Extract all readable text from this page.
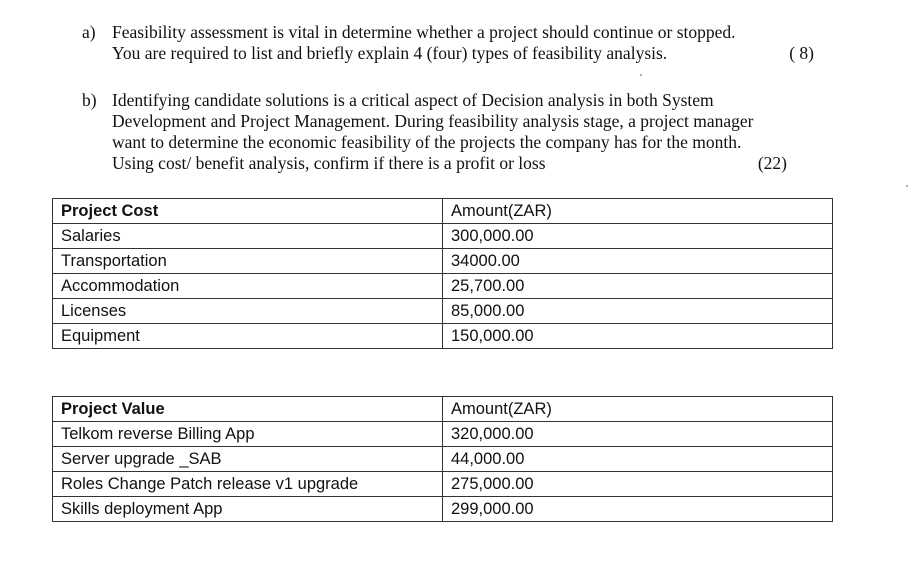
a) Feasibility assessment is vital in determine whether a project should continue or stopped.
You are required to list and briefly explain 4 (four) types of feasibility analysis.	( 8)
b) Identifying candidate solutions is a critical aspect of Decision analysis in both System
Development and Project Management. During feasibility analysis stage, a project manager
want to determine the economic feasibility of the projects the company has for the month.
Using cost/ benefit analysis, confirm if there is a profit or loss	(22)
Project Cost	Amount(ZAR)
Salaries	300,000.00
Transportation	34000.00
Accommodation	25,700.00
Licenses	85,000.00
Equipment	150,000.00
Project Value	Amount(ZAR)
Telkom reverse Billing App	320,000.00
Server upgrade _SAB	44,000.00
Roles Change Patch release v1 upgrade	275,000.00
Skills deployment App	299,000.00
